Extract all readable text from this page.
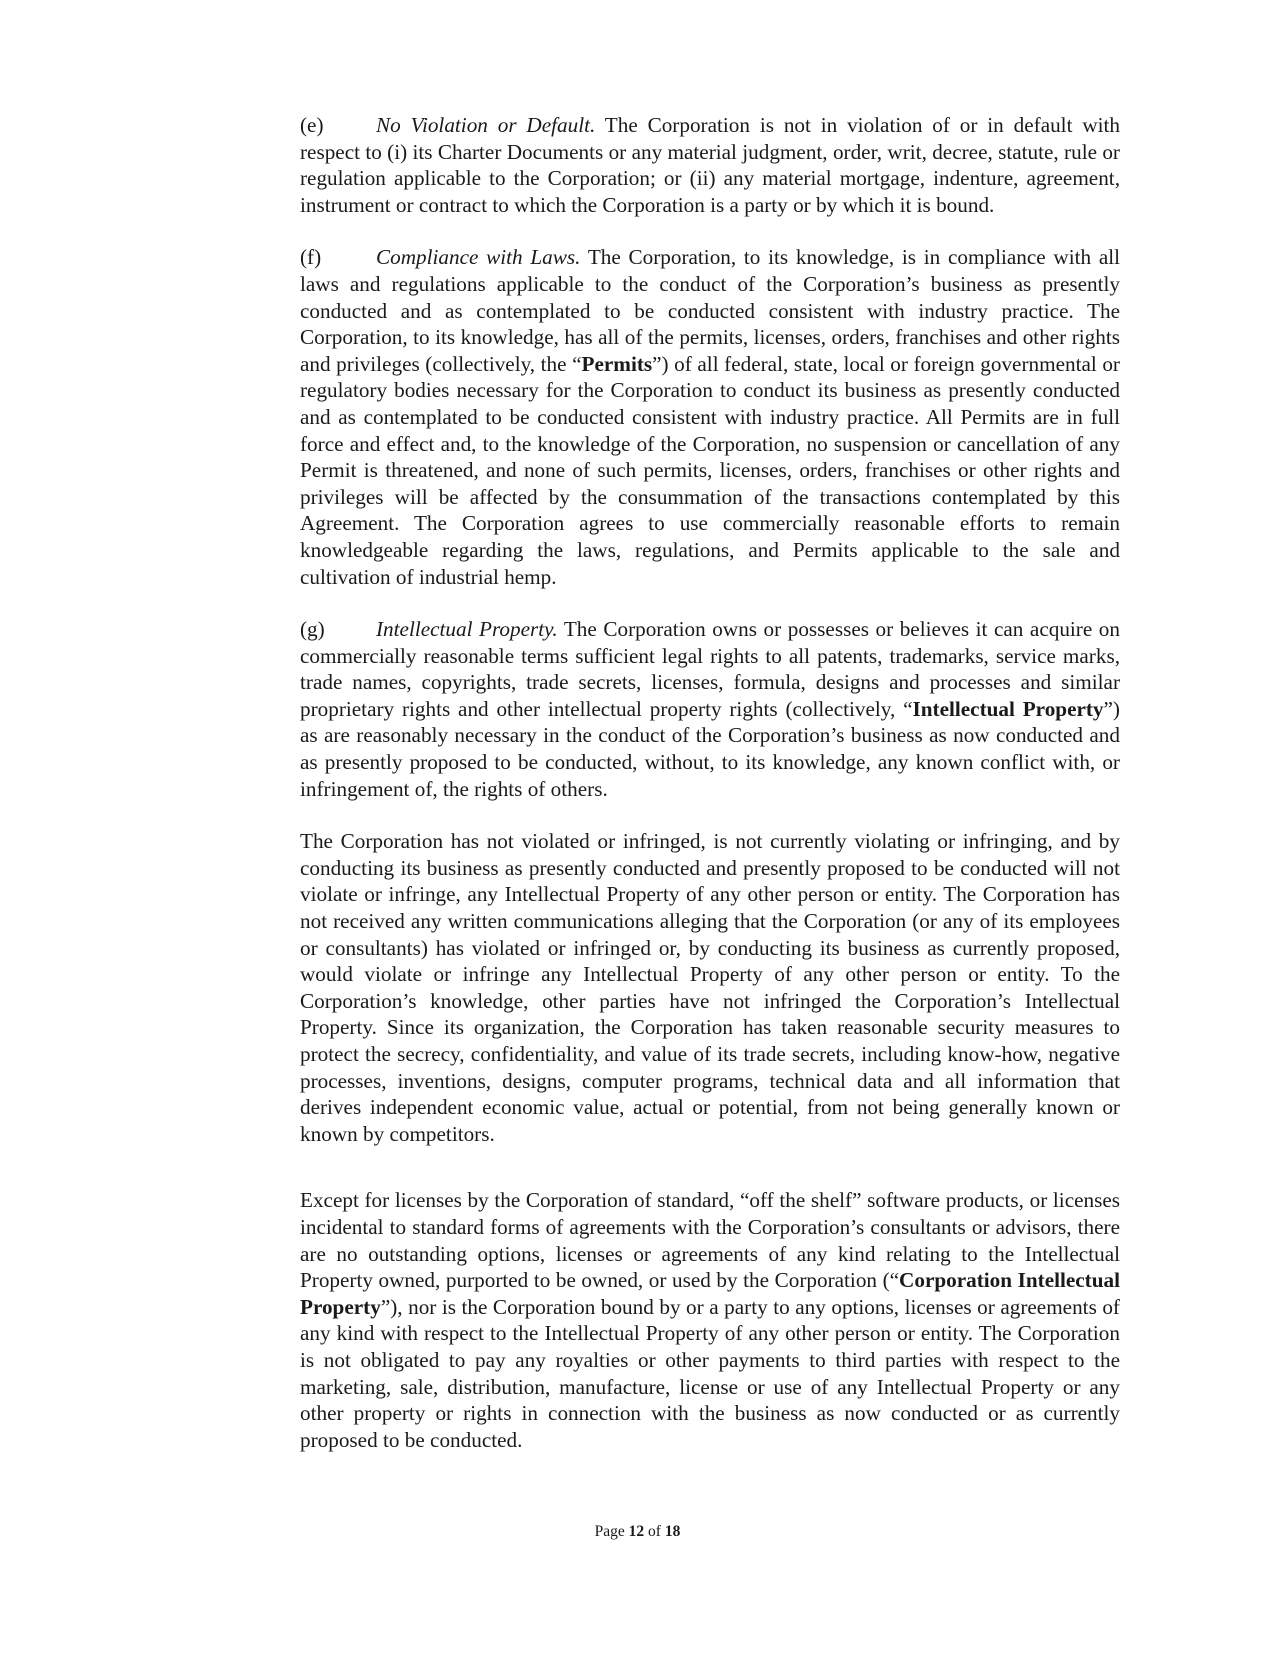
(e) No Violation or Default. The Corporation is not in violation of or in default with respect to (i) its Charter Documents or any material judgment, order, writ, decree, statute, rule or regulation applicable to the Corporation; or (ii) any material mortgage, indenture, agreement, instrument or contract to which the Corporation is a party or by which it is bound.

(f)	Compliance with Laws. The Corporation, to its knowledge, is in compliance with all laws and regulations applicable to the conduct of the Corporation’s business as presently conducted and as contemplated to be conducted consistent with industry practice. The Corporation, to its knowledge, has all of the permits, licenses, orders, franchises and other rights and privileges (collectively, the “Permits”) of all federal, state, local or foreign governmental or regulatory bodies necessary for the Corporation to conduct its business as presently conducted and as contemplated to be conducted consistent with industry practice. All Permits are in full force and effect and, to the knowledge of the Corporation, no suspension or cancellation of any Permit is threatened, and none of such permits, licenses, orders, franchises or other rights and privileges will be affected by the consummation of the transactions contemplated by this Agreement. The Corporation agrees to use commercially reasonable efforts to remain knowledgeable regarding the laws, regulations, and Permits applicable to the sale and cultivation of industrial hemp.

(g) Intellectual Property. The Corporation owns or possesses or believes it can acquire on commercially reasonable terms sufficient legal rights to all patents, trademarks, service marks, trade names, copyrights, trade secrets, licenses, formula, designs and processes and similar proprietary rights and other intellectual property rights (collectively, “Intellectual Property”) as are reasonably necessary in the conduct of the Corporation’s business as now conducted and as presently proposed to be conducted, without, to its knowledge, any known conflict with, or infringement of, the rights of others.

The Corporation has not violated or infringed, is not currently violating or infringing, and by conducting its business as presently conducted and presently proposed to be conducted will not violate or infringe, any Intellectual Property of any other person or entity. The Corporation has not received any written communications alleging that the Corporation (or any of its employees or consultants) has violated or infringed or, by conducting its business as currently proposed, would violate or infringe any Intellectual Property of any other person or entity. To the Corporation’s knowledge, other parties have not infringed the Corporation’s Intellectual Property. Since its organization, the Corporation has taken reasonable security measures to protect the secrecy, confidentiality, and value of its trade secrets, including know-how, negative processes, inventions, designs, computer programs, technical data and all information that derives independent economic value, actual or potential, from not being generally known or known by competitors.

Except for licenses by the Corporation of standard, “off the shelf” software products, or licenses incidental to standard forms of agreements with the Corporation’s consultants or advisors, there are no outstanding options, licenses or agreements of any kind relating to the Intellectual Property owned, purported to be owned, or used by the Corporation (“Corporation Intellectual Property”), nor is the Corporation bound by or a party to any options, licenses or agreements of any kind with respect to the Intellectual Property of any other person or entity. The Corporation is not obligated to pay any royalties or other payments to third parties with respect to the marketing, sale, distribution, manufacture, license or use of any Intellectual Property or any other property or rights in connection with the business as now conducted or as currently proposed to be conducted.

Page 12 of 18
